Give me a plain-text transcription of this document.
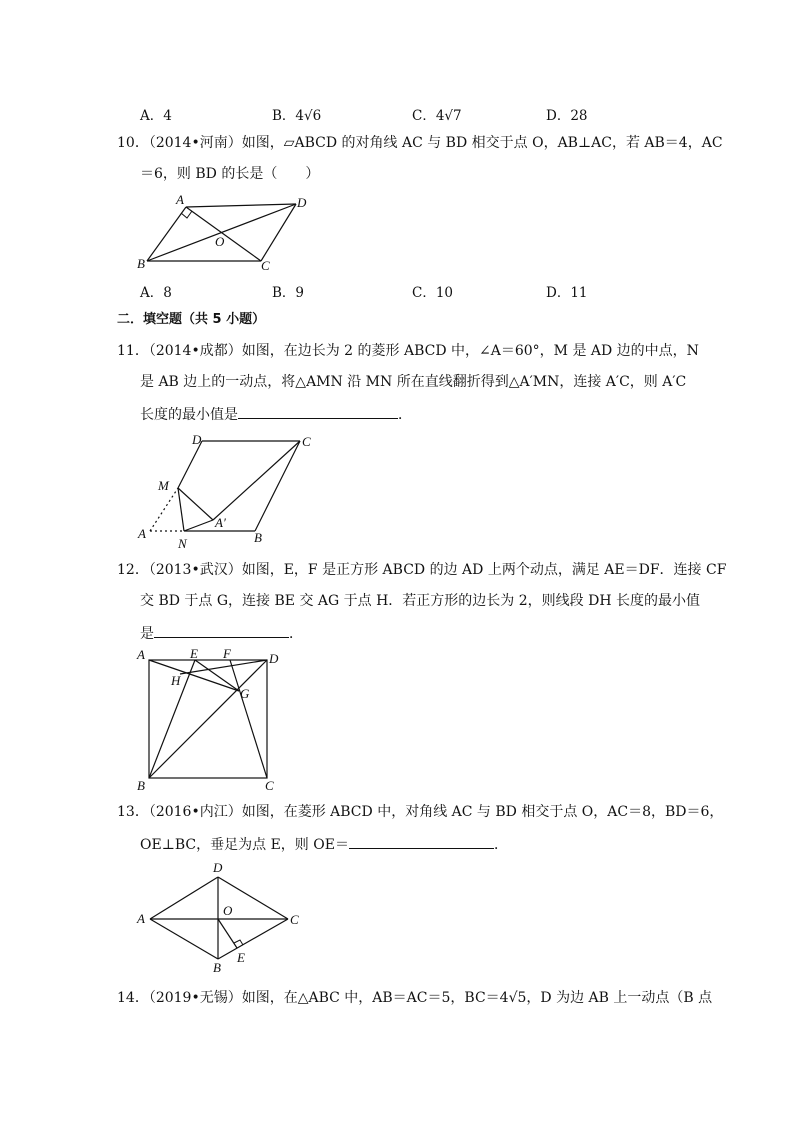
A．4	B．4√6	C．4√7	D．28
10．（2014•河南）如图，▱ABCD 的对角线 AC 与 BD 相交于点 O，AB⊥AC，若 AB＝4，AC
＝6，则 BD 的长是（　　）
A	D
O
B	C
A．8	B．9	C．10	D．11
二．填空题（共 5 小题）
11．（2014•成都）如图，在边长为 2 的菱形 ABCD 中，∠A＝60°，M 是 AD 边的中点，N
是 AB 边上的一动点，将△AMN 沿 MN 所在直线翻折得到△A′MN，连接 A′C，则 A′C
长度的最小值是	．
D	C
M
A′
A
N	B
12．（2013•武汉）如图，E，F 是正方形 ABCD 的边 AD 上两个动点，满足 AE＝DF．连接 CF
交 BD 于点 G，连接 BE 交 AG 于点 H．若正方形的边长为 2，则线段 DH 长度的最小值
是	．
A	E F	D
H
G
B	C
13．（2016•内江）如图，在菱形 ABCD 中，对角线 AC 与 BD 相交于点 O，AC＝8，BD＝6，
OE⊥BC，垂足为点 E，则 OE＝	．
D
A
O
C
B
E
14．（2019•无锡）如图，在△ABC 中，AB＝AC＝5，BC＝4√5，D 为边 AB 上一动点（B 点
